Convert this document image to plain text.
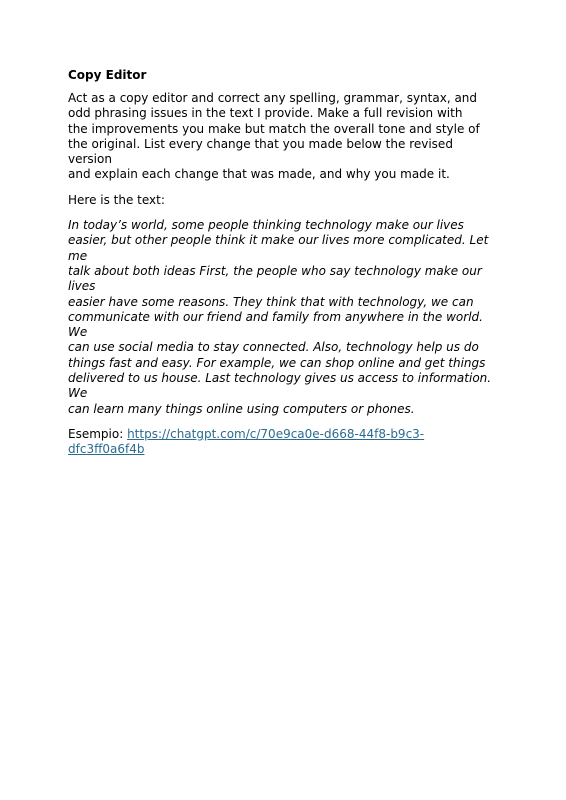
Copy Editor
Act as a copy editor and correct any spelling, grammar, syntax, and
odd phrasing issues in the text I provide. Make a full revision with
the improvements you make but match the overall tone and style of
the original. List every change that you made below the revised version
and explain each change that was made, and why you made it.
Here is the text:
In today’s world, some people thinking technology make our lives
easier, but other people think it make our lives more complicated. Let me
talk about both ideas First, the people who say technology make our lives
easier have some reasons. They think that with technology, we can
communicate with our friend and family from anywhere in the world. We
can use social media to stay connected. Also, technology help us do
things fast and easy. For example, we can shop online and get things
delivered to us house. Last technology gives us access to information. We
can learn many things online using computers or phones.
Esempio: https://chatgpt.com/c/70e9ca0e-d668-44f8-b9c3-dfc3ff0a6f4b
